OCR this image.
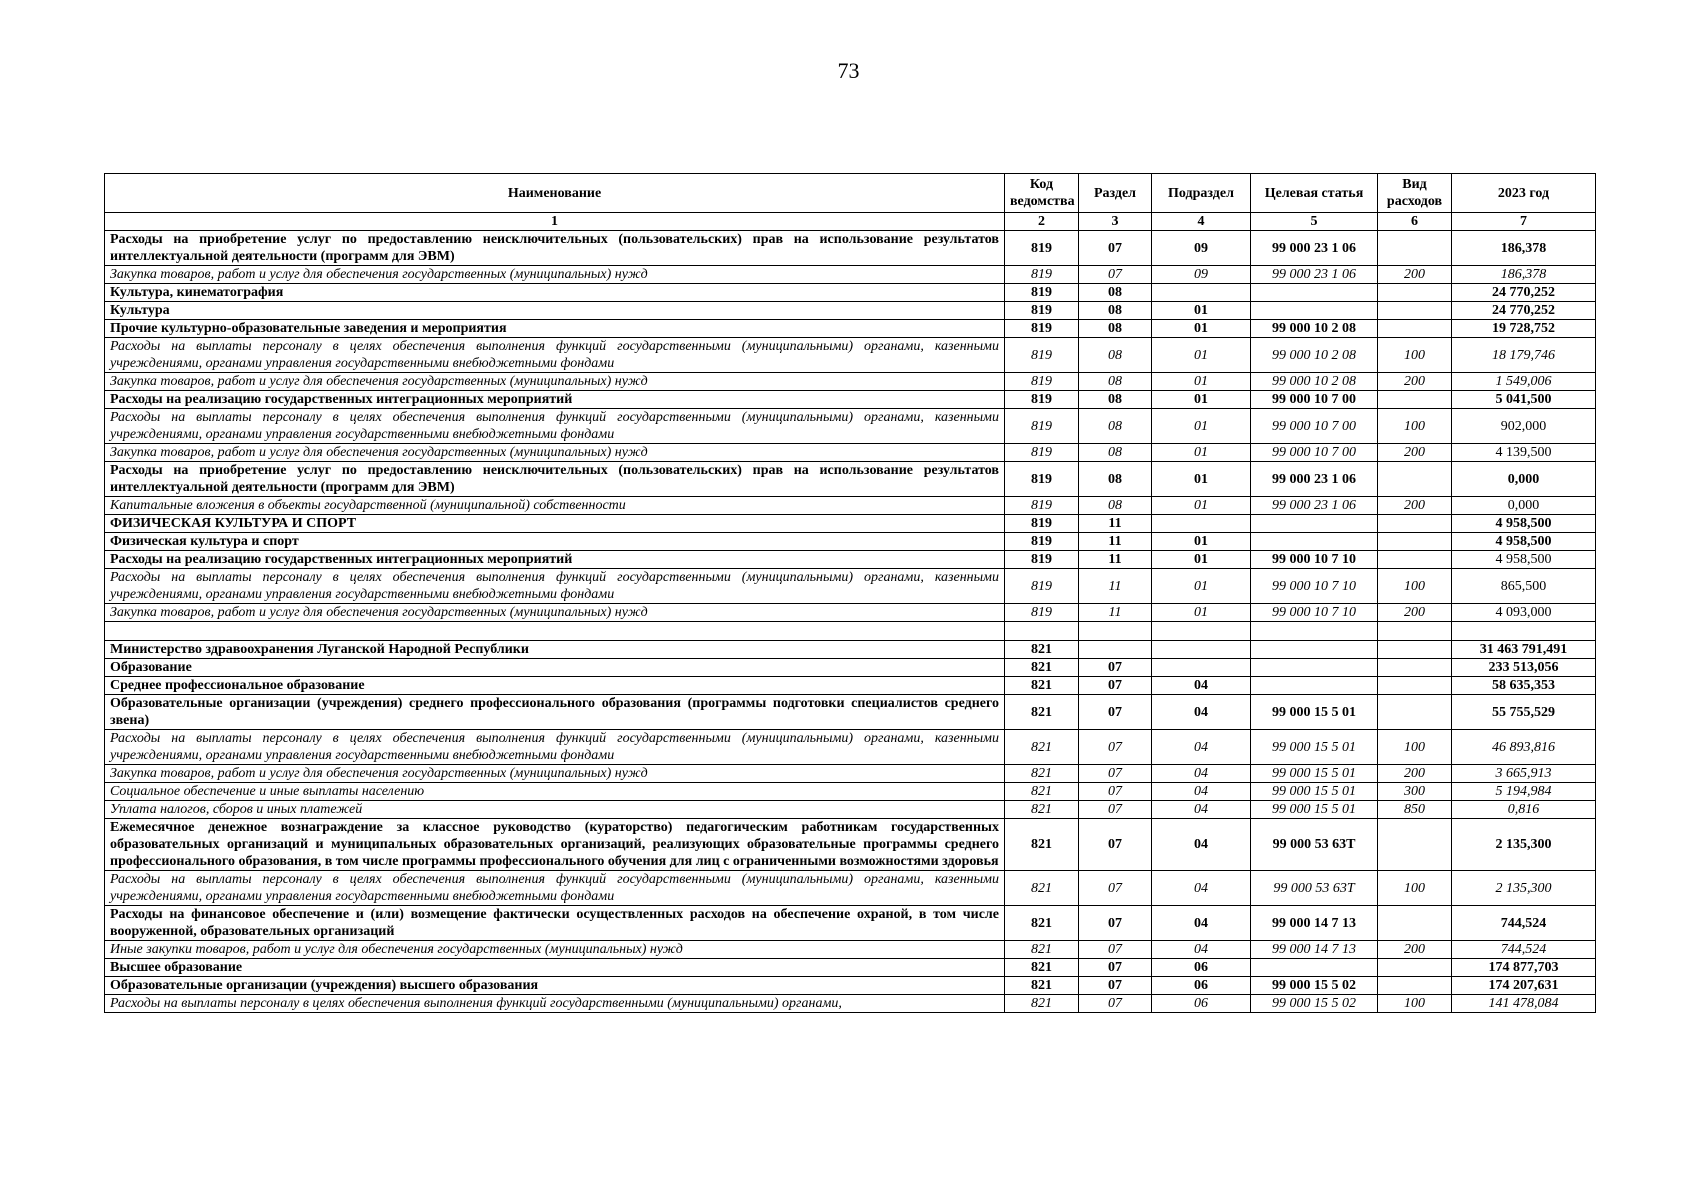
73
Наименование	Код ведомства	Раздел	Подраздел	Целевая статья	Вид расходов	2023 год
1	2	3	4	5	6	7
Расходы на приобретение услуг по предоставлению неисключительных (пользовательских) прав на использование результатов интеллектуальной деятельности (программ для ЭВМ)	819	07	09	99 000 23 1 06		186,378
Закупка товаров, работ и услуг для обеспечения государственных (муниципальных) нужд	819	07	09	99 000 23 1 06	200	186,378
Культура, кинематография	819	08				24 770,252
Культура	819	08	01			24 770,252
Прочие культурно-образовательные заведения и мероприятия	819	08	01	99 000 10 2 08		19 728,752
Расходы на выплаты персоналу в целях обеспечения выполнения функций государственными (муниципальными) органами, казенными учреждениями, органами управления государственными внебюджетными фондами	819	08	01	99 000 10 2 08	100	18 179,746
Закупка товаров, работ и услуг для обеспечения государственных (муниципальных) нужд	819	08	01	99 000 10 2 08	200	1 549,006
Расходы на реализацию государственных интеграционных мероприятий	819	08	01	99 000 10 7 00		5 041,500
Расходы на выплаты персоналу в целях обеспечения выполнения функций государственными (муниципальными) органами, казенными учреждениями, органами управления государственными внебюджетными фондами	819	08	01	99 000 10 7 00	100	902,000
Закупка товаров, работ и услуг для обеспечения государственных (муниципальных) нужд	819	08	01	99 000 10 7 00	200	4 139,500
Расходы на приобретение услуг по предоставлению неисключительных (пользовательских) прав на использование результатов интеллектуальной деятельности (программ для ЭВМ)	819	08	01	99 000 23 1 06		0,000
Капитальные вложения в объекты государственной (муниципальной) собственности	819	08	01	99 000 23 1 06	200	0,000
ФИЗИЧЕСКАЯ КУЛЬТУРА И СПОРТ	819	11				4 958,500
Физическая культура и спорт	819	11	01			4 958,500
Расходы на реализацию государственных интеграционных мероприятий	819	11	01	99 000 10 7 10		4 958,500
Расходы на выплаты персоналу в целях обеспечения выполнения функций государственными (муниципальными) органами, казенными учреждениями, органами управления государственными внебюджетными фондами	819	11	01	99 000 10 7 10	100	865,500
Закупка товаров, работ и услуг для обеспечения государственных (муниципальных) нужд	819	11	01	99 000 10 7 10	200	4 093,000

Министерство здравоохранения Луганской Народной Республики	821					31 463 791,491
Образование	821	07				233 513,056
Среднее профессиональное образование	821	07	04			58 635,353
Образовательные организации (учреждения) среднего профессионального образования (программы подготовки специалистов среднего звена)	821	07	04	99 000 15 5 01		55 755,529
Расходы на выплаты персоналу в целях обеспечения выполнения функций государственными (муниципальными) органами, казенными учреждениями, органами управления государственными внебюджетными фондами	821	07	04	99 000 15 5 01	100	46 893,816
Закупка товаров, работ и услуг для обеспечения государственных (муниципальных) нужд	821	07	04	99 000 15 5 01	200	3 665,913
Социальное обеспечение и иные выплаты населению	821	07	04	99 000 15 5 01	300	5 194,984
Уплата налогов, сборов и иных платежей	821	07	04	99 000 15 5 01	850	0,816
Ежемесячное денежное вознаграждение за классное руководство (кураторство) педагогическим работникам государственных образовательных организаций и муниципальных образовательных организаций, реализующих образовательные программы среднего профессионального образования, в том числе программы профессионального обучения для лиц с ограниченными возможностями здоровья	821	07	04	99 000 53 63Т		2 135,300
Расходы на выплаты персоналу в целях обеспечения выполнения функций государственными (муниципальными) органами, казенными учреждениями, органами управления государственными внебюджетными фондами	821	07	04	99 000 53 63Т	100	2 135,300
Расходы на финансовое обеспечение и (или) возмещение фактически осуществленных расходов на обеспечение охраной, в том числе вооруженной, образовательных организаций	821	07	04	99 000 14 7 13		744,524
Иные закупки товаров, работ и услуг для обеспечения государственных (муниципальных) нужд	821	07	04	99 000 14 7 13	200	744,524
Высшее образование	821	07	06			174 877,703
Образовательные организации (учреждения) высшего образования	821	07	06	99 000 15 5 02		174 207,631
Расходы на выплаты персоналу в целях обеспечения выполнения функций государственными (муниципальными) органами,	821	07	06	99 000 15 5 02	100	141 478,084
